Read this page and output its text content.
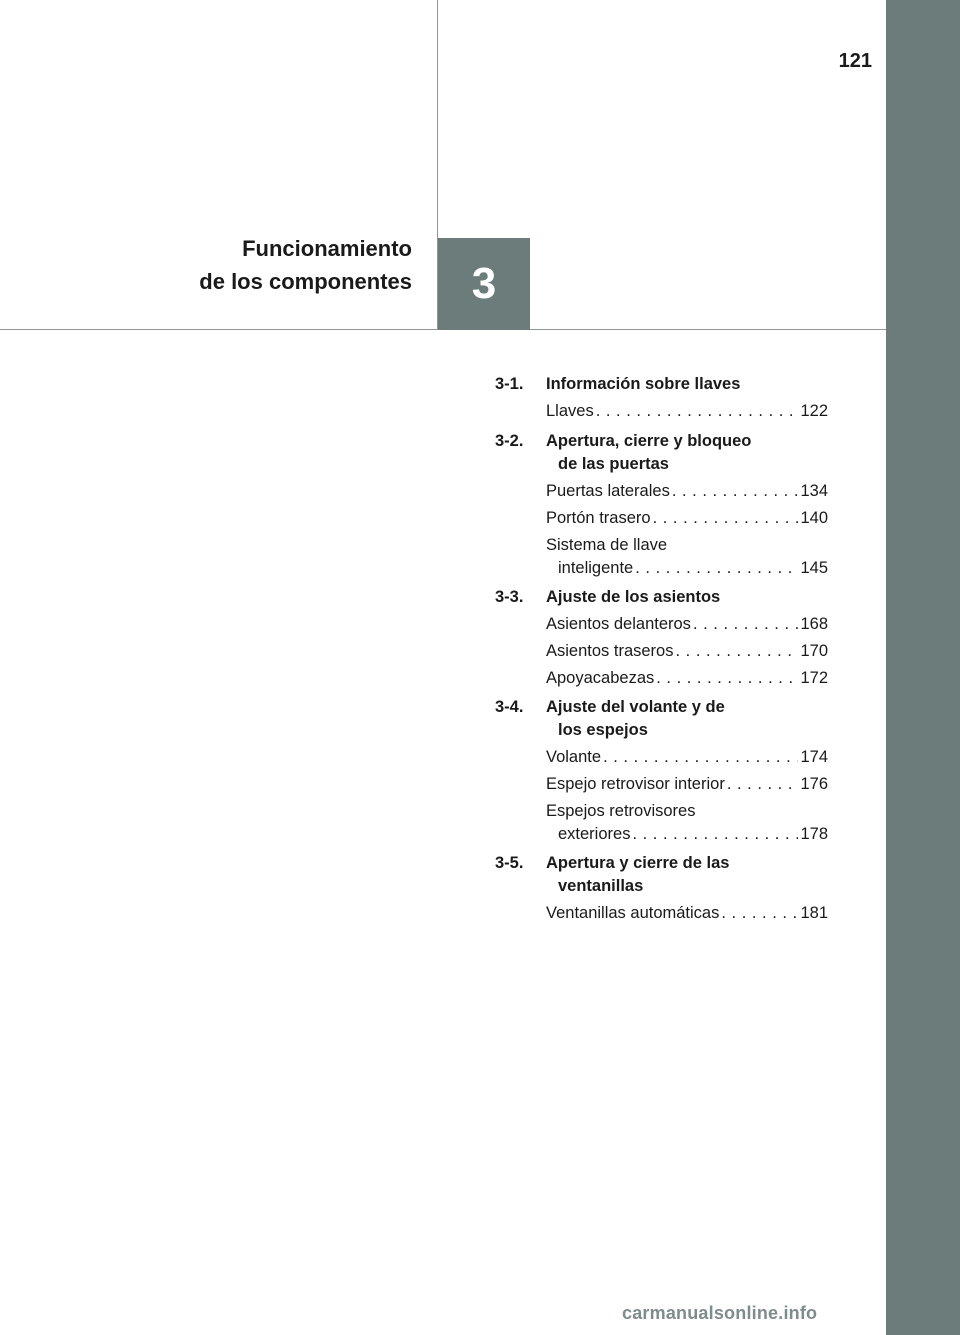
121
Funcionamiento
de los componentes 3
3-1. Información sobre llaves
Llaves . . .	122
3-2. Apertura, cierre y bloqueo
de las puertas
Puertas laterales . . .	134
Portón trasero . . .	140
Sistema de llave
inteligente . . .	145
3-3. Ajuste de los asientos
Asientos delanteros . . .	168
Asientos traseros . . .	170
Apoyacabezas . . .	172
3-4. Ajuste del volante y de
los espejos
Volante . . .	174
Espejo retrovisor interior . . .	176
Espejos retrovisores
exteriores . . .	178
3-5. Apertura y cierre de las
ventanillas
Ventanillas automáticas . . .	181
carmanualsonline.info
